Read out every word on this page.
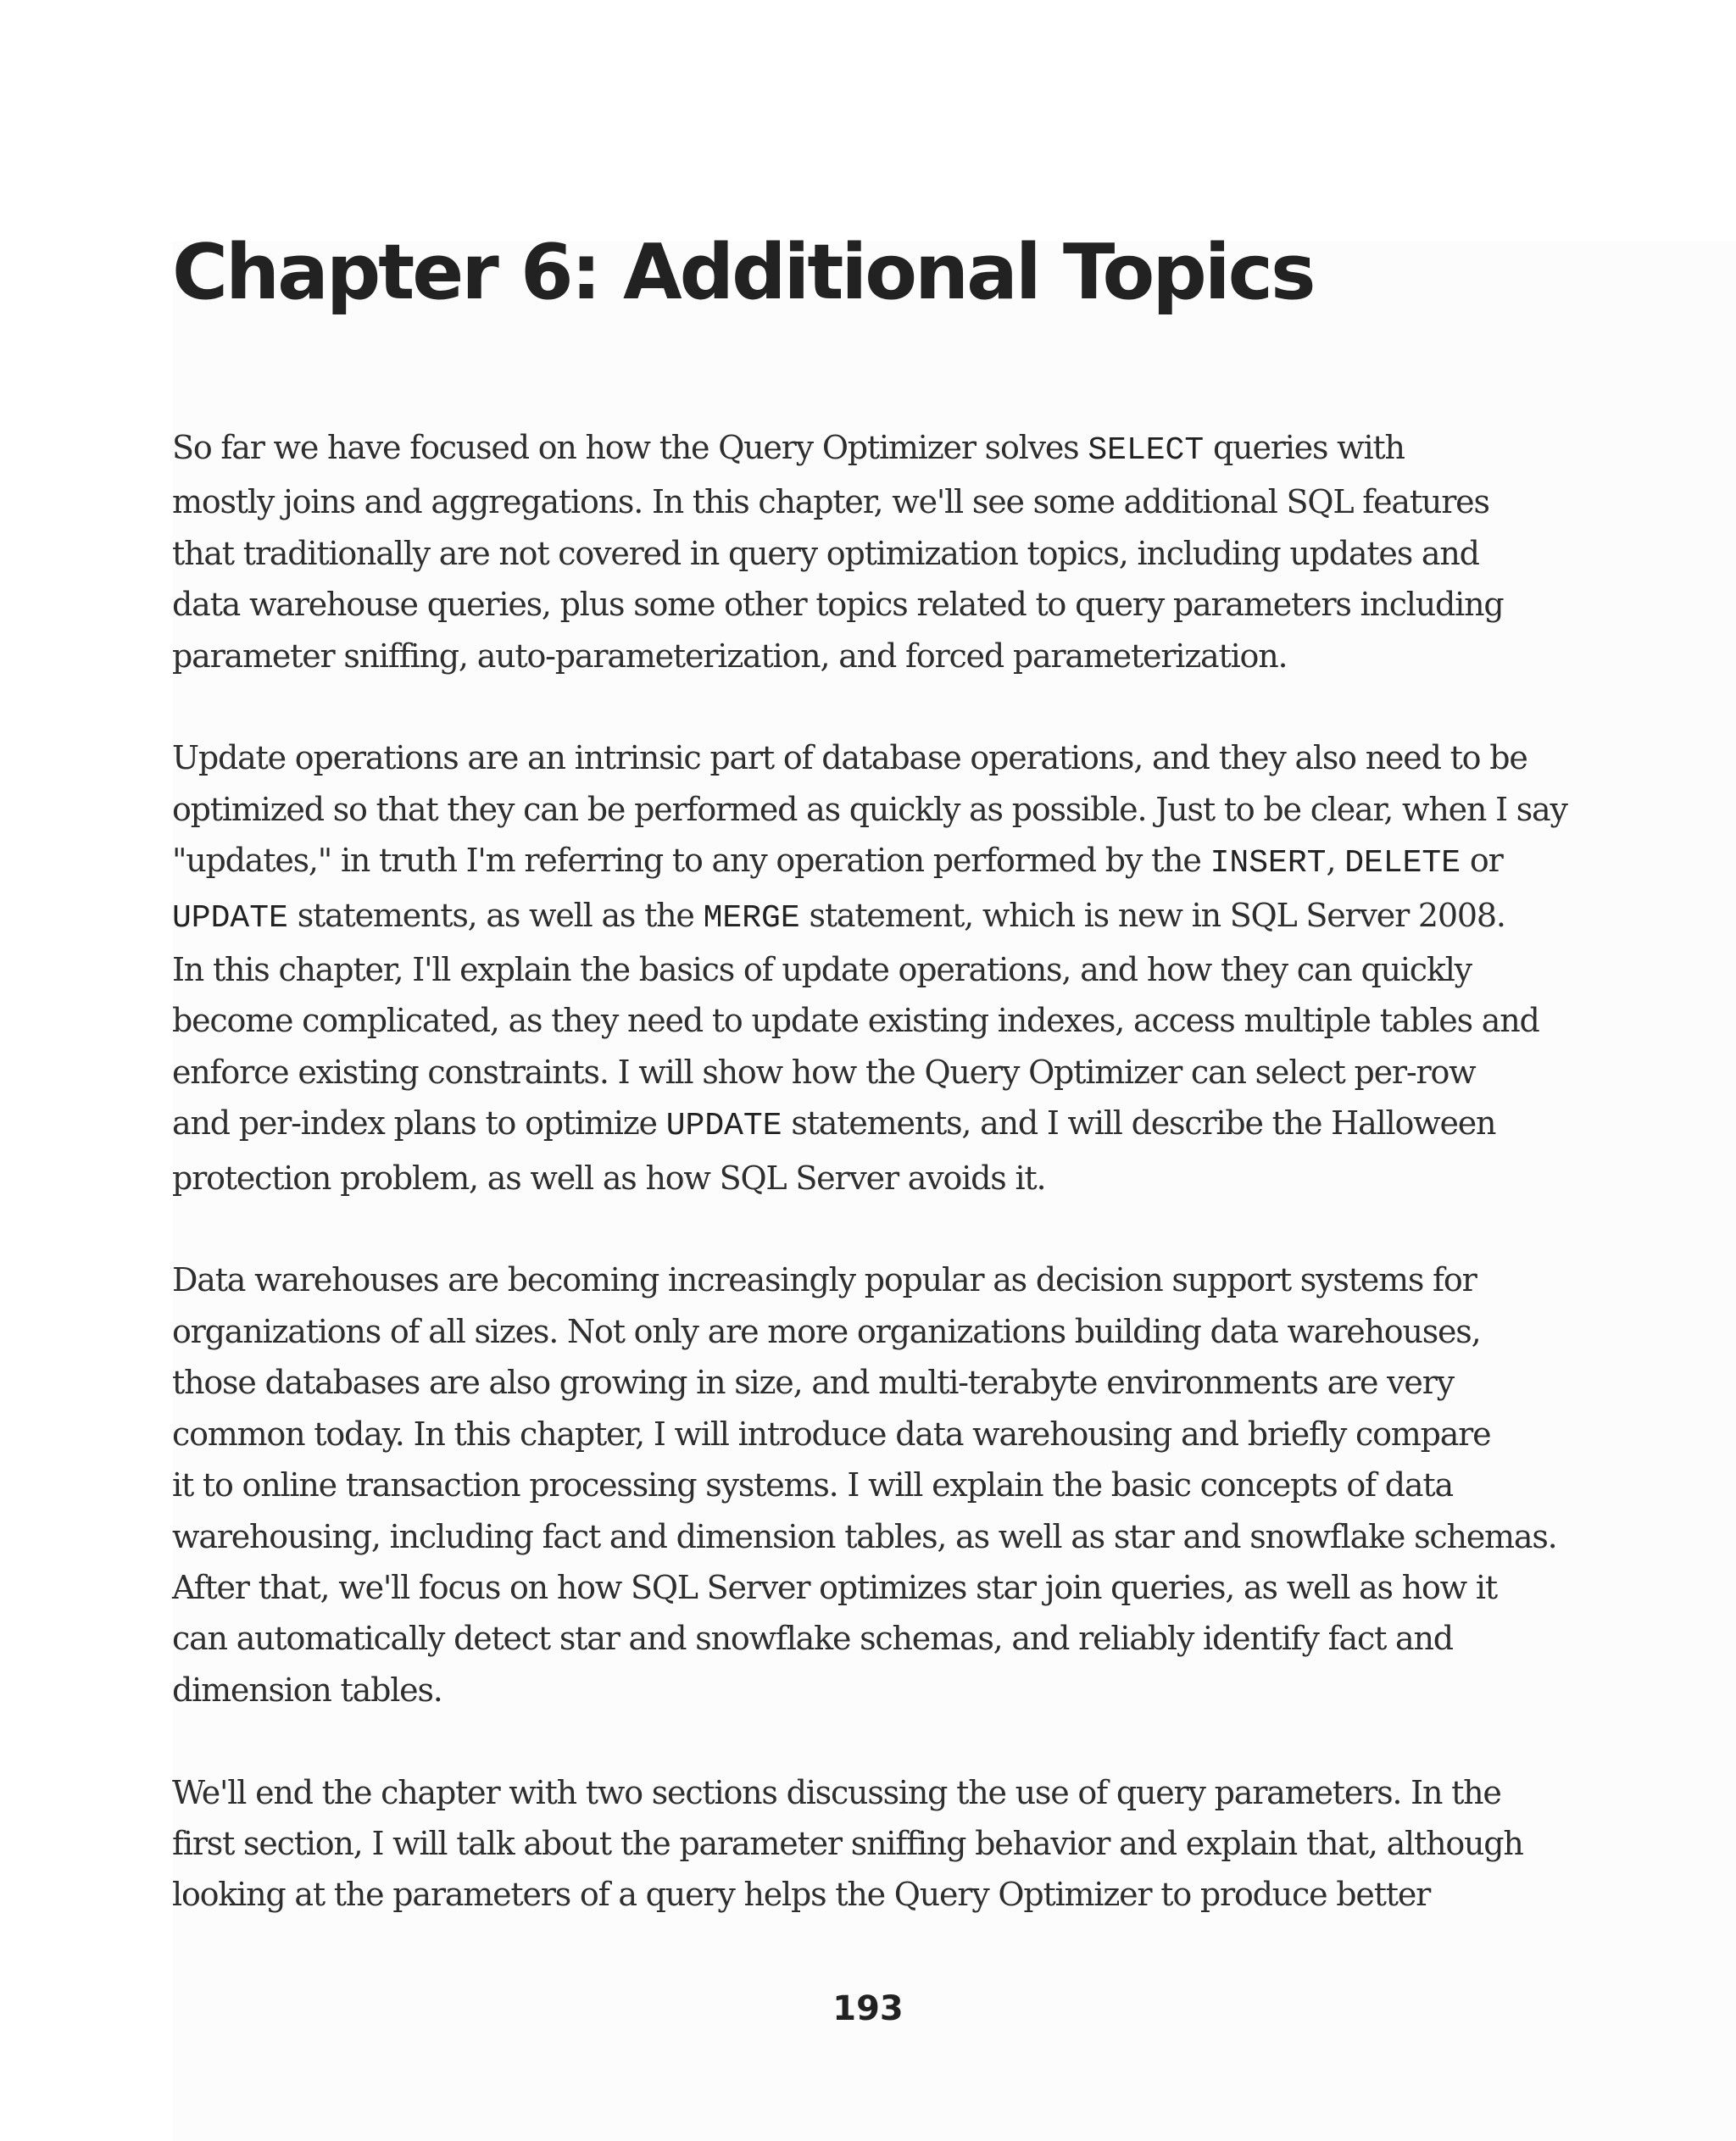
Chapter 6: Additional Topics

So far we have focused on how the Query Optimizer solves SELECT queries with
mostly joins and aggregations. In this chapter, we'll see some additional SQL features
that traditionally are not covered in query optimization topics, including updates and
data warehouse queries, plus some other topics related to query parameters including
parameter sniffing, auto-parameterization, and forced parameterization.

Update operations are an intrinsic part of database operations, and they also need to be
optimized so that they can be performed as quickly as possible. Just to be clear, when I say
"updates," in truth I'm referring to any operation performed by the INSERT, DELETE or
UPDATE statements, as well as the MERGE statement, which is new in SQL Server 2008.
In this chapter, I'll explain the basics of update operations, and how they can quickly
become complicated, as they need to update existing indexes, access multiple tables and
enforce existing constraints. I will show how the Query Optimizer can select per-row
and per-index plans to optimize UPDATE statements, and I will describe the Halloween
protection problem, as well as how SQL Server avoids it.

Data warehouses are becoming increasingly popular as decision support systems for
organizations of all sizes. Not only are more organizations building data warehouses,
those databases are also growing in size, and multi-terabyte environments are very
common today. In this chapter, I will introduce data warehousing and briefly compare
it to online transaction processing systems. I will explain the basic concepts of data
warehousing, including fact and dimension tables, as well as star and snowflake schemas.
After that, we'll focus on how SQL Server optimizes star join queries, as well as how it
can automatically detect star and snowflake schemas, and reliably identify fact and
dimension tables.

We'll end the chapter with two sections discussing the use of query parameters. In the
first section, I will talk about the parameter sniffing behavior and explain that, although
looking at the parameters of a query helps the Query Optimizer to produce better

193
